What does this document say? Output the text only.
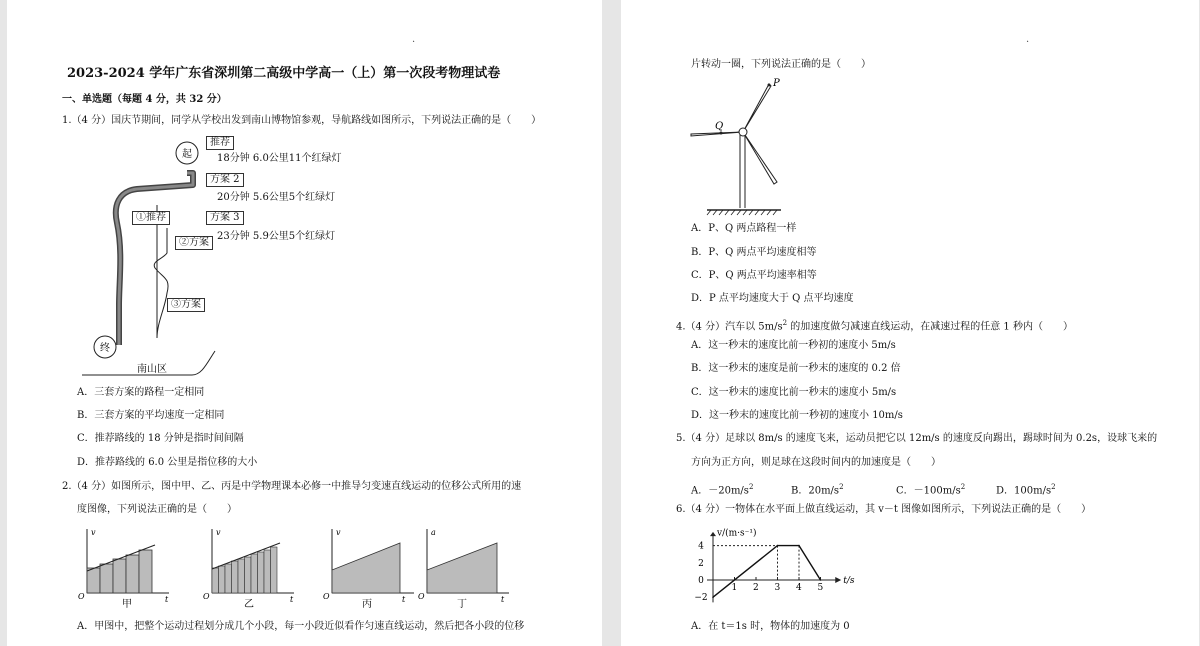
·
2023-2024 学年广东省深圳第二高级中学高一（上）第一次段考物理试卷
一、单选题（每题 4 分，共 32 分）
1.（4 分）国庆节期间，同学从学校出发到南山博物馆参观，导航路线如图所示，下列说法正确的是（　　）
起
终
南山区
①推荐
②方案
③方案
推荐
18分钟 6.0公里11个红绿灯
方案 2
20分钟 5.6公里5个红绿灯
方案 3
23分钟 5.9公里5个红绿灯
A．三套方案的路程一定相同
B．三套方案的平均速度一定相同
C．推荐路线的 18 分钟是指时间间隔
D．推荐路线的 6.0 公里是指位移的大小
2.（4 分）如图所示，图中甲、乙、丙是中学物理课本必修一中推导匀变速直线运动的位移公式所用的速
度图像，下列说法正确的是（　　）
v
O	t
甲
v
O	t
乙
v
O	t
丙
a
O	t
丁
A．甲图中，把整个运动过程划分成几个小段，每一小段近似看作匀速直线运动，然后把各小段的位移
·
片转动一圈，下列说法正确的是（　　）
P
Q
A．P、Q 两点路程一样
B．P、Q 两点平均速度相等
C．P、Q 两点平均速率相等
D．P 点平均速度大于 Q 点平均速度
4.（4 分）汽车以 $5m/s^2$ 的加速度做匀减速直线运动，在减速过程的任意 1 秒内（　　）
A．这一秒末的速度比前一秒初的速度小 5m/s
B．这一秒末的速度是前一秒末的速度的 0.2 倍
C．这一秒末的速度比前一秒末的速度小 5m/s
D．这一秒末的速度比前一秒初的速度小 10m/s
5.（4 分）足球以 8m/s 的速度飞来，运动员把它以 12m/s 的速度反向踢出，踢球时间为 0.2s，设球飞来的
方向为正方向，则足球在这段时间内的加速度是（　　）
A．$-20m/s^2$	B．$20m/s^2$	C．$-100m/s^2$	D．$100m/s^2$
6.（4 分）一物体在水平面上做直线运动，其 v－t 图像如图所示，下列说法正确的是（　　）
v/(m·s⁻¹)
t/s
4
2
0
−2
1 2 3 4 5
A．在 t＝1s 时，物体的加速度为 0
